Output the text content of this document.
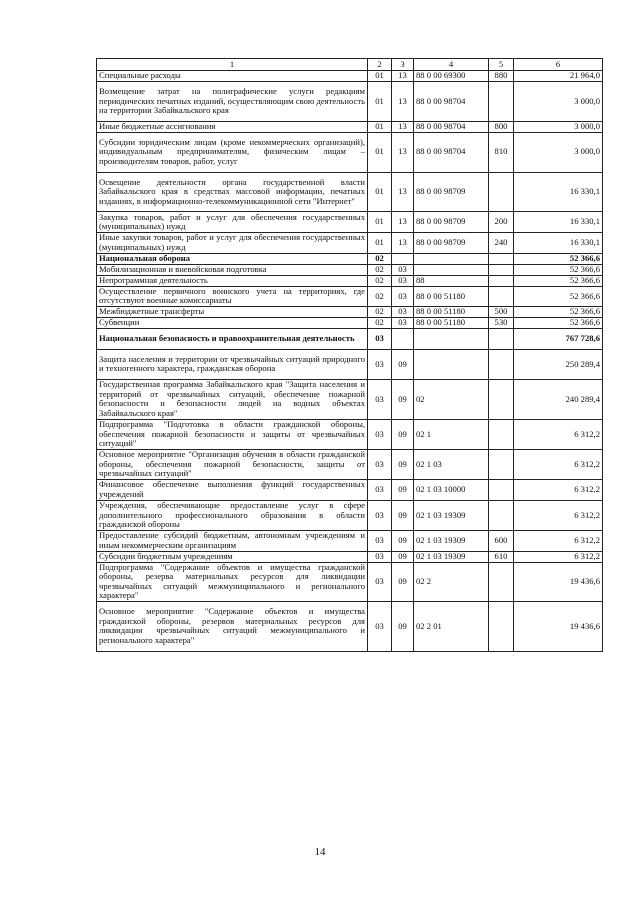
1	2	3	4	5	6
Специальные расходы	01	13	88 0 00 69300	880	21 964,0
Возмещение затрат на полиграфические услуги редакциям периодических печатных изданий, осуществляющим свою деятельность на территории Забайкальского края	01	13	88 0 00 98704		3 000,0
Иные бюджетные ассигнования	01	13	88 0 00 98704	800	3 000,0
Субсидии юридическим лицам (кроме некоммерческих организаций), индивидуальным предпринимателям, физическим лицам – производителям товаров, работ, услуг	01	13	88 0 00 98704	810	3 000,0
Освещение деятельности органа государственной власти Забайкальского края в средствах массовой информации, печатных изданиях, в информационно-телекоммуникационной сети "Интернет"	01	13	88 0 00 98709		16 330,1
Закупка товаров, работ и услуг для обеспечения государственных (муниципальных) нужд	01	13	88 0 00 98709	200	16 330,1
Иные закупки товаров, работ и услуг для обеспечения государственных (муниципальных) нужд	01	13	88 0 00 98709	240	16 330,1
Национальная оборона	02				52 366,6
Мобилизационная и вневойсковая подготовка	02	03			52 366,6
Непрограммная деятельность	02	03	88		52 366,6
Осуществление первичного воинского учета на территориях, где отсутствуют военные комиссариаты	02	03	88 0 00 51180		52 366,6
Межбюджетные трансферты	02	03	88 0 00 51180	500	52 366,6
Субвенции	02	03	88 0 00 51180	530	52 366,6
Национальная безопасность и правоохранительная деятельность	03				767 728,6
Защита населения и территории от чрезвычайных ситуаций природного и техногенного характера, гражданская оборона	03	09			250 289,4
Государственная программа Забайкальского края "Защита населения и территорий от чрезвычайных ситуаций, обеспечение пожарной безопасности и безопасности людей на водных объектах Забайкальского края"	03	09	02		240 289,4
Подпрограмма "Подготовка в области гражданской обороны, обеспечения пожарной безопасности и защиты от чрезвычайных ситуаций"	03	09	02 1		6 312,2
Основное мероприятие "Организация обучения в области гражданской обороны, обеспечения пожарной безопасности, защиты от чрезвычайных ситуаций"	03	09	02 1 03		6 312,2
Финансовое обеспечение выполнения функций государственных учреждений	03	09	02 1 03 10000		6 312,2
Учреждения, обеспечивающие предоставление услуг в сфере дополнительного профессионального образования в области гражданской обороны	03	09	02 1 03 19309		6 312,2
Предоставление субсидий бюджетным, автономным учреждениям и иным некоммерческим организациям	03	09	02 1 03 19309	600	6 312,2
Субсидии бюджетным учреждениям	03	09	02 1 03 19309	610	6 312,2
Подпрограмма "Содержание объектов и имущества гражданской обороны, резерва материальных ресурсов для ликвидации чрезвычайных ситуаций межмуниципального и регионального характера"	03	09	02 2		19 436,6
Основное мероприятие "Содержание объектов и имущества гражданской обороны, резервов материальных ресурсов для ликвидации чрезвычайных ситуаций межмуниципального и регионального характера"	03	09	02 2 01		19 436,6
14
